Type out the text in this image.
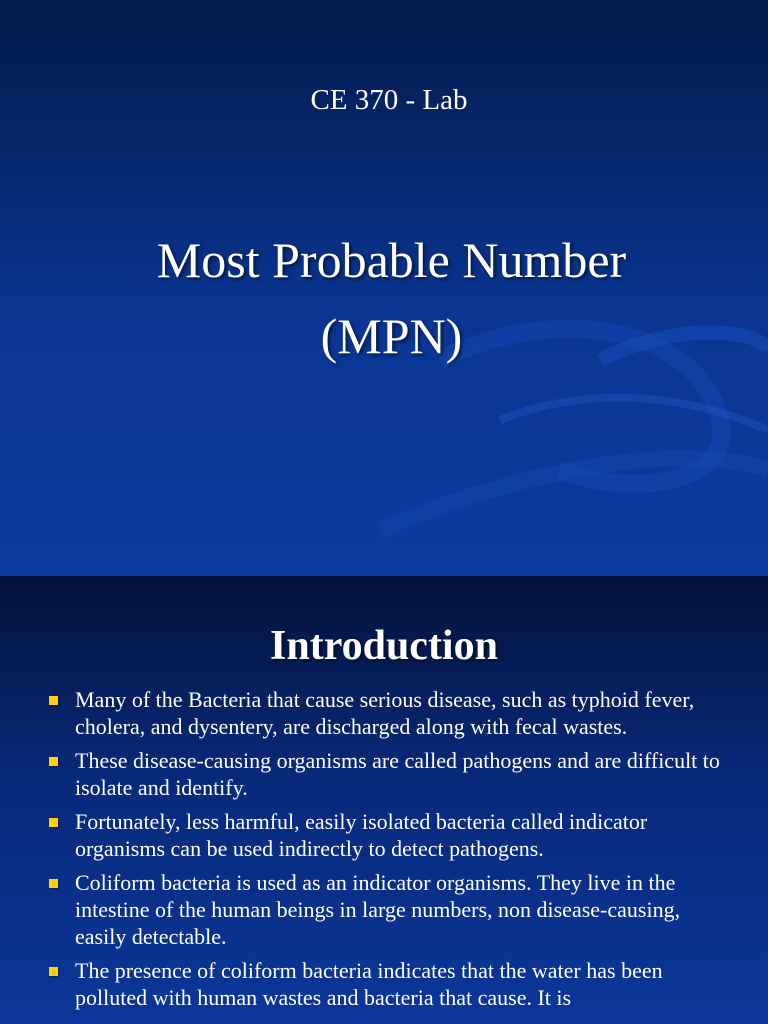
CE 370 - Lab
Most Probable Number
(MPN)
Introduction
Many of the Bacteria that cause serious disease, such as typhoid fever, cholera, and dysentery, are discharged along with fecal wastes.
These disease-causing organisms are called pathogens and are difficult to isolate and identify.
Fortunately, less harmful, easily isolated bacteria called indicator organisms can be used indirectly to detect pathogens.
Coliform bacteria is used as an indicator organisms. They live in the intestine of the human beings in large numbers, non disease-causing, easily detectable.
The presence of coliform bacteria indicates that the water has been polluted with human wastes and bacteria that cause. It is
